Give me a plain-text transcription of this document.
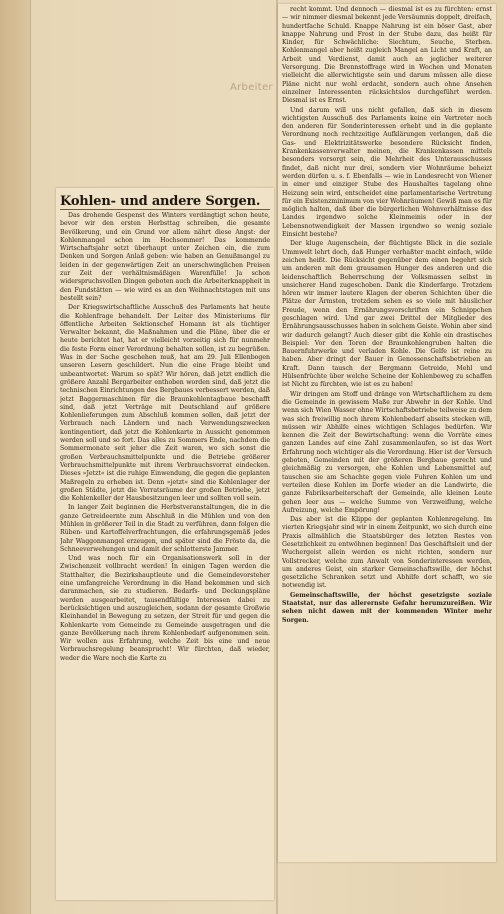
Arbeiter
Kohlen- und andere Sorgen.

Das drohende Gespenst des Winters verdängtigt schon heute, bevor wir den ersten Herbsttag schreiben, die gesamte Bevölkerung, und ein Grund vor allem nährt diese Angst: der Kohlenmangel schon im Hochsommer! Das kommende Wirtschaftsjahr setzt überhaupt unter Zeichen ein, die zum Denken und Sorgen Anlaß geben: wie haben an Genußmangel zu leiden in der gegenwärtigen Zeit an unerschwinglichen Preisen zur Zeit der verhältnismäßigen Warenfülle! Ja schon widerspruchsvollen Dingen geboten auch die Arbeiterknappheit in den Fundstätten — wie wird es an den Weihnachtstagen mit uns bestellt sein?

Der Kriegswirtschaftliche Ausschuß des Parlaments hat heute die Kohlenfrage behandelt. Der Leiter des Ministeriums für öffentliche Arbeiten Sektionschef Homann ist als tüchtiger Verwalter bekannt, die Maßnahmen und die Pläne, über die er heute berichtet hat, hat er vielleicht vorzeitig sich für nunmehr die feste Form einer Verordnung behalten sollen, ist zu begrüßen. Was in der Sache geschehen muß, hat am 29. Juli Ellenbogen unseren Lesern geschildert. Nun die eine Frage bleibt und unbeantwortet: Warum so spät? Wir hören, daß jetzt endlich die größere Anzahl Bergarbeiter enthoben worden sind, daß jetzt die technischen Einrichtungen des Bergbaues verbessert werden, daß jetzt Baggermaschinen für die Braunkohlentagbaue beschafft sind, daß jetzt Verträge mit Deutschland auf größere Kohlenlieferungen zum Abschluß kommen sollen, daß jetzt der Verbrauch nach Ländern und nach Verwendungszwecken kontingentiert, daß jetzt die Kohlenkarte in Aussicht genommen werden soll und so fort. Das alles zu Sommers Ende, nachdem die Sommermonate seit jeher die Zeit waren, wo sich sonst die großen Verbrauchsmittelpunkte und die Betriebe größerer Verbrauchsmittelpunkte mit ihrem Verbrauchsvorrat eindecken. Dieses »Jetzt« ist die ruhige Einwendung, die gegen die geplanten Maßregeln zu erheben ist. Denn »jetzt« sind die Kohlenlager der großen Städte, jetzt die Vorratsräume der großen Betriebe, jetzt die Kohlenkeller der Hausbesitzungen leer und sollten voll sein.

In langer Zeit beginnen die Herbstveranstaltungen, die in die ganze Getreideernte zum Abschluß in die Mühlen und von den Mühlen in größerer Teil in die Stadt zu verführen, dann folgen die Rüben- und Kartoffelverfrachtungen, die erfahrungsgemäß jedes Jahr Waggonmangel erzeugen, und später sind die Fröste da, die Schneeverwehungen und damit der schlotterste Jammer.

Und was noch für ein Organisationswerk soll in der Zwischenzeit vollbracht werden! In einigen Tagen werden die Statthalter, die Bezirkshauptleute und die Gemeindevorsteher eine umfangreiche Verordnung in die Hand bekommen und sich daranmachen, sie zu studieren. Bedarfs- und Deckungspläne werden ausgearbeitet, tausendfältige Interessen dabei zu berücksichtigen und auszugleichen, sodann der gesamte Großwie Kleinhandel in Bewegung zu setzen, der Streit für und gegen die Kohlenkarte vom Gemeinde zu Gemeinde ausgetragen und die ganze Bevölkerung nach ihrem Kohlenbedarf aufgenommen sein. Wir wollen aus Erfahrung, welche Zeit bis eine und neue Verbrauchsregelung beansprucht! Wir fürchten, daß wieder, weder die Ware noch die Karte zu

recht kommt. Und dennoch — diesmal ist es zu fürchten: ernst — wir nimmer diesmal bekennt jede Versäumnis doppelt, dreifach, hundertfache Schuld. Knappe Nahrung ist ein böser Gast, aber knappe Nahrung und Frost in der Stube dazu, das heißt für Kinder, für Schwächliche: Siechtum, Seuche, Sterben. Kohlenmangel aber heißt zugleich Mangel an Licht und Kraft, an Arbeit und Verdienst, damit auch an jeglicher weiterer Versorgung. Die Brennstoffrage wird in Wochen und Monaten vielleicht die allerwichtigste sein und darum müssen alle diese Pläne nicht nur wohl erdacht, sondern auch ohne Ansehen einzelner Interessenten rücksichtslos durchgeführt werden. Diesmal ist es Ernst.

Und darum will uns nicht gefallen, daß sich in diesem wichtigsten Ausschuß des Parlaments keine ein Vertreter noch den anderen für Sonderinteressen erhebt und in die geplante Verordnung noch rechtzeitige Aufklärungen verlangen, daß die Gas- und Elektrizitätswerke besondere Rücksicht finden, Krankenkassenverwalter meinen, die Krankenkassen mittels besonders vorsorgt sein, die Mehrheit des Unterausschusses findet, daß nicht nur drei, sondern vier Wohnräume beheizt werden dürfen u. s. f. Ebenfalls — wie in Landesrecht von Wiener in einer und einziger Stube des Haushaltes tagelang ohne Heizung sein wird, entscheidet eine parlamentarische Vertretung für ein Existenzminimum von vier Wohnräumen! Gewiß man es für möglich halten, daß über die bürgerlichen Wohnverhältnisse des Landes irgendwo solche Kleinmeinis oder in der Lebensnotwendigkeit der Massen irgendwo so wenig soziale Einsicht bestehe?

Der kluge Augenschein, der flüchtigste Blick in die soziale Ummwelt lehrt doch, daß Hunger verhaßter macht einfach, wilde zeichen heißt. Die Rücksicht gegenüber dem einen begehrt sich um anderen mit dem grausamen Hunger des anderen und die leidenschaftlich Beherrschung der Volksmassen selbst in unsicherer Hand zugeschoben. Dank die Kinderfarge. Trotzdem hören wir immer lautere Klagen der oberen Schichten über die Plätze der Ärmsten, trotzdem sehen es so viele mit häuslicher Freude, wenn den Ernährungsvorschriften ein Schnippchen geschlagen wird. Und gar zwei Drittel der Mitglieder des Ernährungsausschusses haben in solchem Geiste. Wohin aber sind wir dadurch gelangt? Auch dieser gibt die Kohle ein drastisches Beispiel: Vor den Toren der Braunkohlengruben halten die Bauernfuhrwerke und verladen Kohle. Die Gelfe ist reine zu haben. Aber dringt der Bauer in Genossenschaftsbetrieben an Kraft. Dann tausch der Bergmann Getreide, Mehl und Hülsenfrüchte über welche Scheine der Kohlenbeweg zu schaffen ist Nicht zu fürchten, wie ist es zu haben!

Wir dringen am Stoff und dränge von Wirtschaftlichem zu dem die Gemeinde in gewissem Maße zur Abwehr in der Kohle. Und wenn sich Wien Wasser ohne Wirtschaftsbetriebe teilweise zu dem was sich freiwillig noch ihrem Kohlenbedarf abseits stecken will, müssen wir Abhilfe eines wichtigen Schlages bedürfen. Wir kennen die Zeit der Bewirtschaftung: wenn die Vorräte eines ganzen Landes auf eine Zahl zusammenlaufen, so ist das Wort Erfahrung noch wichtiger als die Verordnung. Hier ist der Versuch geboten, Gemeinden mit der größeren Bergbaue gerecht und gleichmäßig zu versorgen, ehe Kohlen und Lebensmittel auf, tauschen sie am Schachte gegen viele Fuhren Kohlen um und verteilen diese Kohlen im Dorfe wieder an die Landwirte, die ganze Fabriksarbeiterschaft der Gemeinde, alle kleinen Leute gehen leer aus — welche Summe von Verzweiflung, welche Aufreizung, welche Empörung!

Das aber ist die Klippe der geplanten Kohlenregelung. Im vierten Kriegsjahr sind wir in einem Zeitpunkt, wo sich durch eine Praxis allmählich die Staatsbürger des letzten Restes von Gesetzlichkeit zu entwöhnen beginnen! Das Geschäftsleit und der Wuchergeist allein werden es nicht richten, sondern nur Vollstrecker, welche zum Anwalt von Sonderinteressen werden, um anderes Geist, ein starker Gemeinschaftswille, der höchst gesetzliche Schranken setzt und Abhilfe dort schafft, wo sie notwendig ist.

Gemeinschaftswille, der höchst gesetzigste soziale Staatstat, nur das allerernste Gefahr herumzureißen. Wir sehen nicht dawen mit der kommenden Winter mehr Sorgen.
